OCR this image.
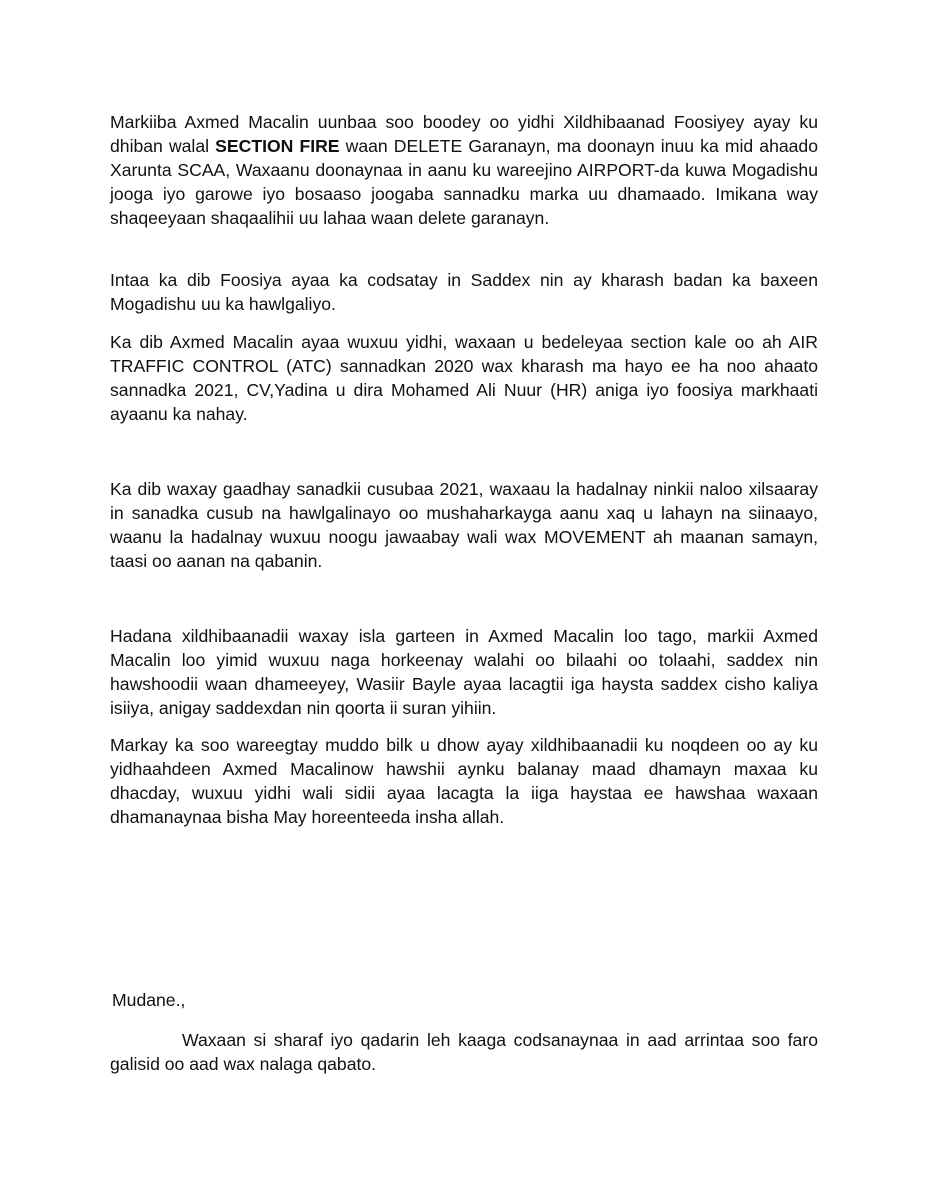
Markiiba Axmed Macalin uunbaa soo boodey oo yidhi Xildhibaanad Foosiyey ayay ku dhiban walal SECTION FIRE waan DELETE Garanayn, ma doonayn inuu ka mid ahaado Xarunta SCAA, Waxaanu doonaynaa in aanu ku wareejino AIRPORT-da kuwa Mogadishu jooga iyo garowe iyo bosaaso joogaba sannadku marka uu dhamaado. Imikana way shaqeeyaan shaqaalihii uu lahaa waan delete garanayn.

Intaa ka dib Foosiya ayaa ka codsatay in Saddex nin ay kharash badan ka baxeen Mogadishu uu ka hawlgaliyo.

Ka dib Axmed Macalin ayaa wuxuu yidhi, waxaan u bedeleyaa section kale oo ah AIR TRAFFIC CONTROL (ATC) sannadkan 2020 wax kharash ma hayo ee ha noo ahaato sannadka 2021, CV,Yadina u dira Mohamed Ali Nuur (HR) aniga iyo foosiya markhaati ayaanu ka nahay.

Ka dib waxay gaadhay sanadkii cusubaa 2021, waxaau la hadalnay ninkii naloo xilsaaray in sanadka cusub na hawlgalinayo oo mushaharkayga aanu xaq u lahayn na siinaayo, waanu la hadalnay wuxuu noogu jawaabay wali wax MOVEMENT ah maanan samayn, taasi oo aanan na qabanin.

Hadana xildhibaanadii waxay isla garteen in Axmed Macalin loo tago, markii Axmed Macalin loo yimid wuxuu naga horkeenay walahi oo bilaahi oo tolaahi, saddex nin hawshoodii waan dhameeyey, Wasiir Bayle ayaa lacagtii iga haysta saddex cisho kaliya isiiya, anigay saddexdan nin qoorta ii suran yihiin.

Markay ka soo wareegtay muddo bilk u dhow ayay xildhibaanadii ku noqdeen oo ay ku yidhaahdeen Axmed Macalinow hawshii aynku balanay maad dhamayn maxaa ku dhacday, wuxuu yidhi wali sidii ayaa lacagta la iiga haystaa ee hawshaa waxaan dhamanaynaa bisha May horeenteeda insha allah.

Mudane.,

Waxaan si sharaf iyo qadarin leh kaaga codsanaynaa in aad arrintaa soo faro galisid oo aad wax nalaga qabato.
